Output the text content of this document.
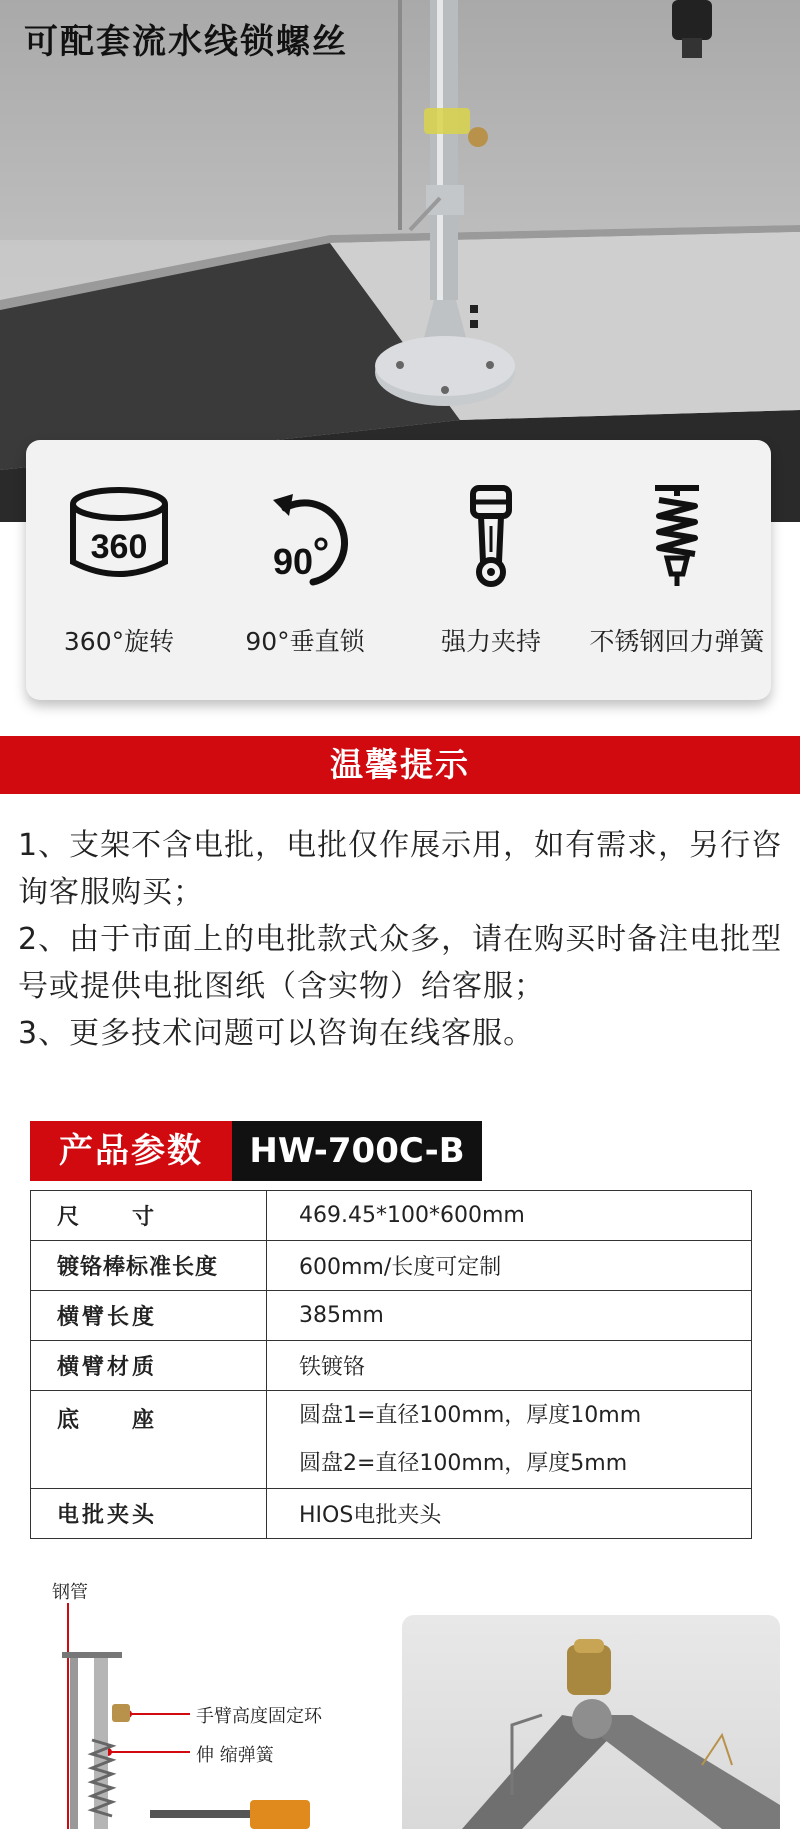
可配套流水线锁螺丝
360
360°旋转
90
90°垂直锁	强力夹持	不锈钢回力弹簧
温馨提示

1、支架不含电批，电批仅作展示用，如有需求，另行咨询客服购买；

2、由于市面上的电批款式众多，请在购买时备注电批型号或提供电批图纸（含实物）给客服；

3、更多技术问题可以咨询在线客服。

产品参数	HW-700C-B
尺　　寸	469.45*100*600mm
镀铬棒标准长度	600mm/长度可定制
横臂长度	385mm
横臂材质	铁镀铬
底　　座	圆盘1=直径100mm，厚度10mm
圆盘2=直径100mm，厚度5mm

电批夹头	HIOS电批夹头
钢管
手臂高度固定环
伸 缩弹簧
